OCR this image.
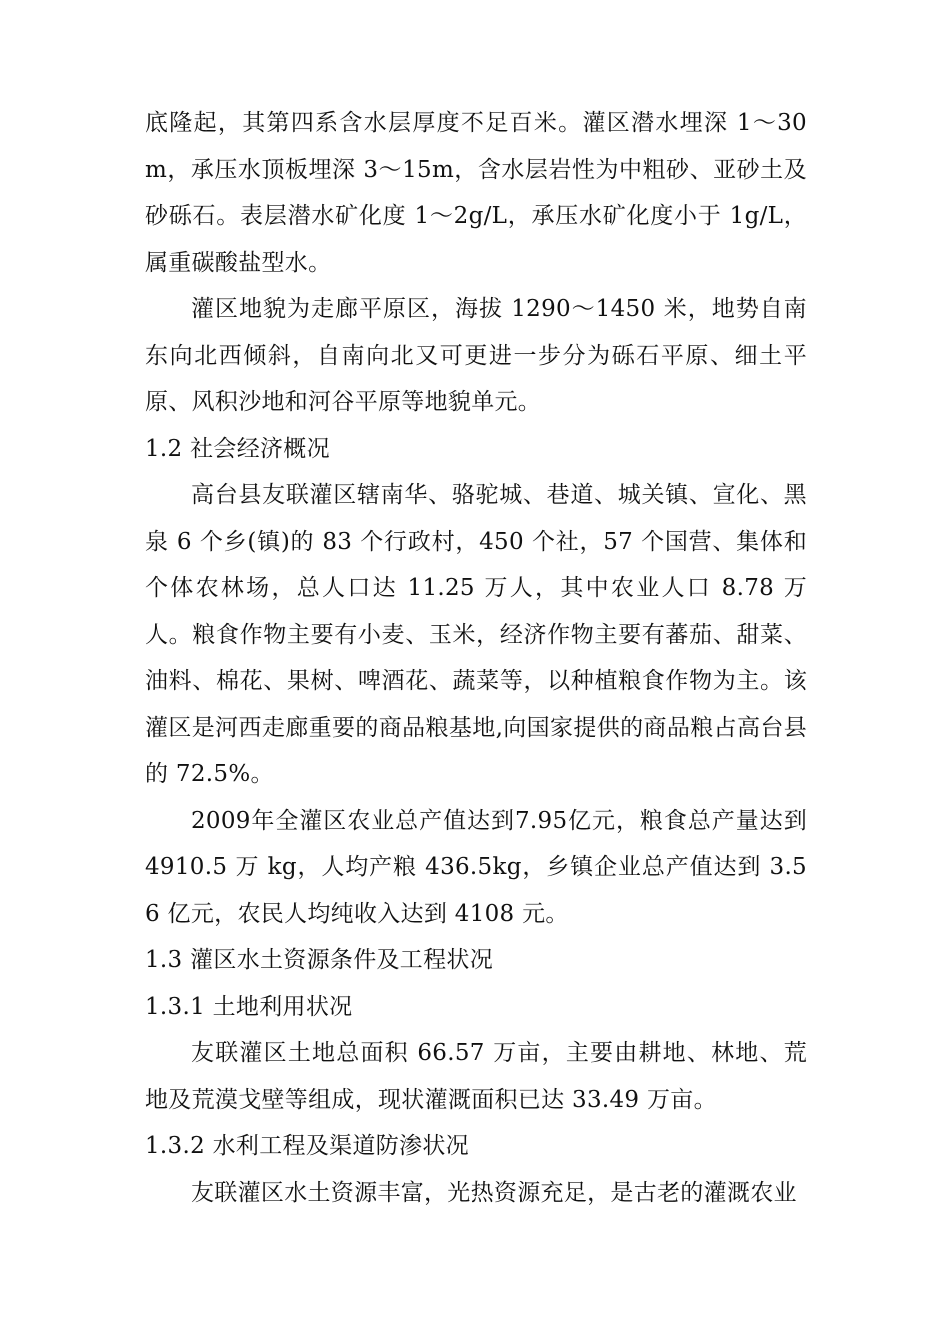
底隆起，其第四系含水层厚度不足百米。灌区潜水埋深 1～30m，承压水顶板埋深 3～15m，含水层岩性为中粗砂、亚砂土及砂砾石。表层潜水矿化度 1～2g/L，承压水矿化度小于 1g/L，属重碳酸盐型水。

灌区地貌为走廊平原区，海拔 1290～1450 米，地势自南东向北西倾斜，自南向北又可更进一步分为砾石平原、细土平原、风积沙地和河谷平原等地貌单元。

1.2 社会经济概况

高台县友联灌区辖南华、骆驼城、巷道、城关镇、宣化、黑泉 6 个乡(镇)的 83 个行政村，450 个社，57 个国营、集体和个体农林场，总人口达 11.25 万人，其中农业人口 8.78 万人。粮食作物主要有小麦、玉米，经济作物主要有蕃茄、甜菜、油料、棉花、果树、啤酒花、蔬菜等，以种植粮食作物为主。该灌区是河西走廊重要的商品粮基地,向国家提供的商品粮占高台县的 72.5%。

2009年全灌区农业总产值达到7.95亿元，粮食总产量达到 4910.5 万 kg，人均产粮 436.5kg，乡镇企业总产值达到 3.56 亿元，农民人均纯收入达到 4108 元。

1.3 灌区水土资源条件及工程状况

1.3.1 土地利用状况

友联灌区土地总面积 66.57 万亩，主要由耕地、林地、荒地及荒漠戈壁等组成，现状灌溉面积已达 33.49 万亩。

1.3.2 水利工程及渠道防渗状况

友联灌区水土资源丰富，光热资源充足，是古老的灌溉农业
